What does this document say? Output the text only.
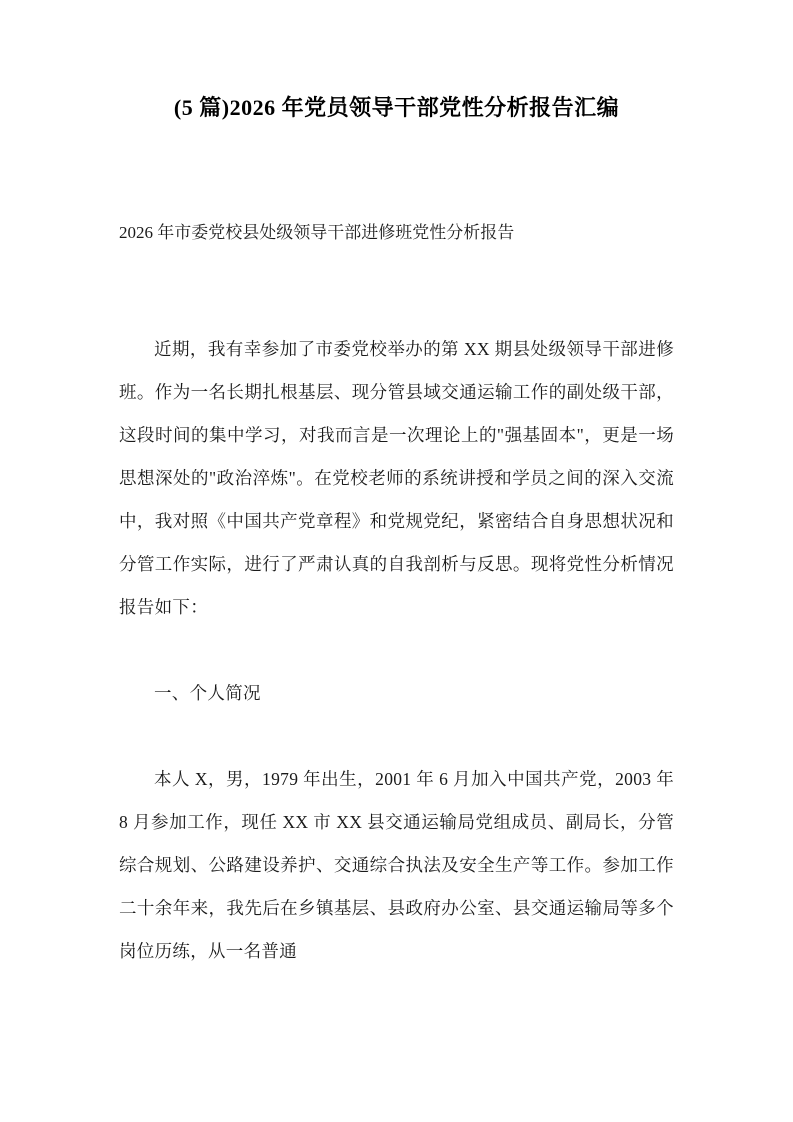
(5 篇)2026 年党员领导干部党性分析报告汇编

2026 年市委党校县处级领导干部进修班党性分析报告

近期，我有幸参加了市委党校举办的第 XX 期县处级领导干部进修班。作为一名长期扎根基层、现分管县域交通运输工作的副处级干部，这段时间的集中学习，对我而言是一次理论上的"强基固本"，更是一场思想深处的"政治淬炼"。在党校老师的系统讲授和学员之间的深入交流中，我对照《中国共产党章程》和党规党纪，紧密结合自身思想状况和分管工作实际，进行了严肃认真的自我剖析与反思。现将党性分析情况报告如下：

一、个人简况

本人 X，男，1979 年出生，2001 年 6 月加入中国共产党，2003 年 8 月参加工作，现任 XX 市 XX 县交通运输局党组成员、副局长，分管综合规划、公路建设养护、交通综合执法及安全生产等工作。参加工作二十余年来，我先后在乡镇基层、县政府办公室、县交通运输局等多个岗位历练，从一名普通
